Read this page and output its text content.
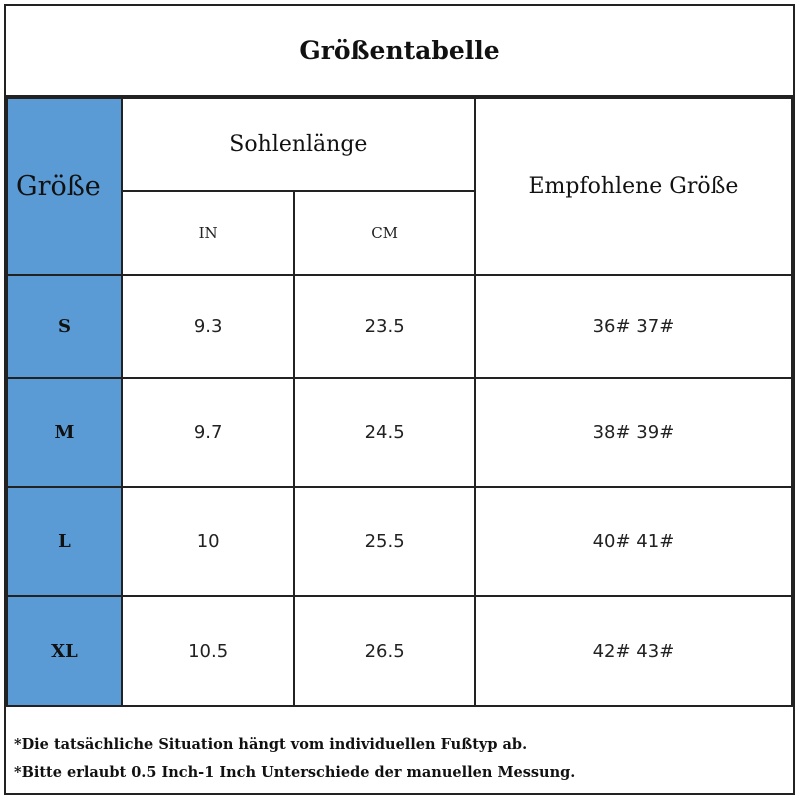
Größentabelle
Größe	Sohlenlänge		Empfohlene Größe
	IN	CM	
S	9.3	23.5	36# 37#
M	9.7	24.5	38# 39#
L	10	25.5	40# 41#
XL	10.5	26.5	42# 43#
*Die tatsächliche Situation hängt vom individuellen Fußtyp ab.
*Bitte erlaubt 0.5 Inch-1 Inch Unterschiede der manuellen Messung.
